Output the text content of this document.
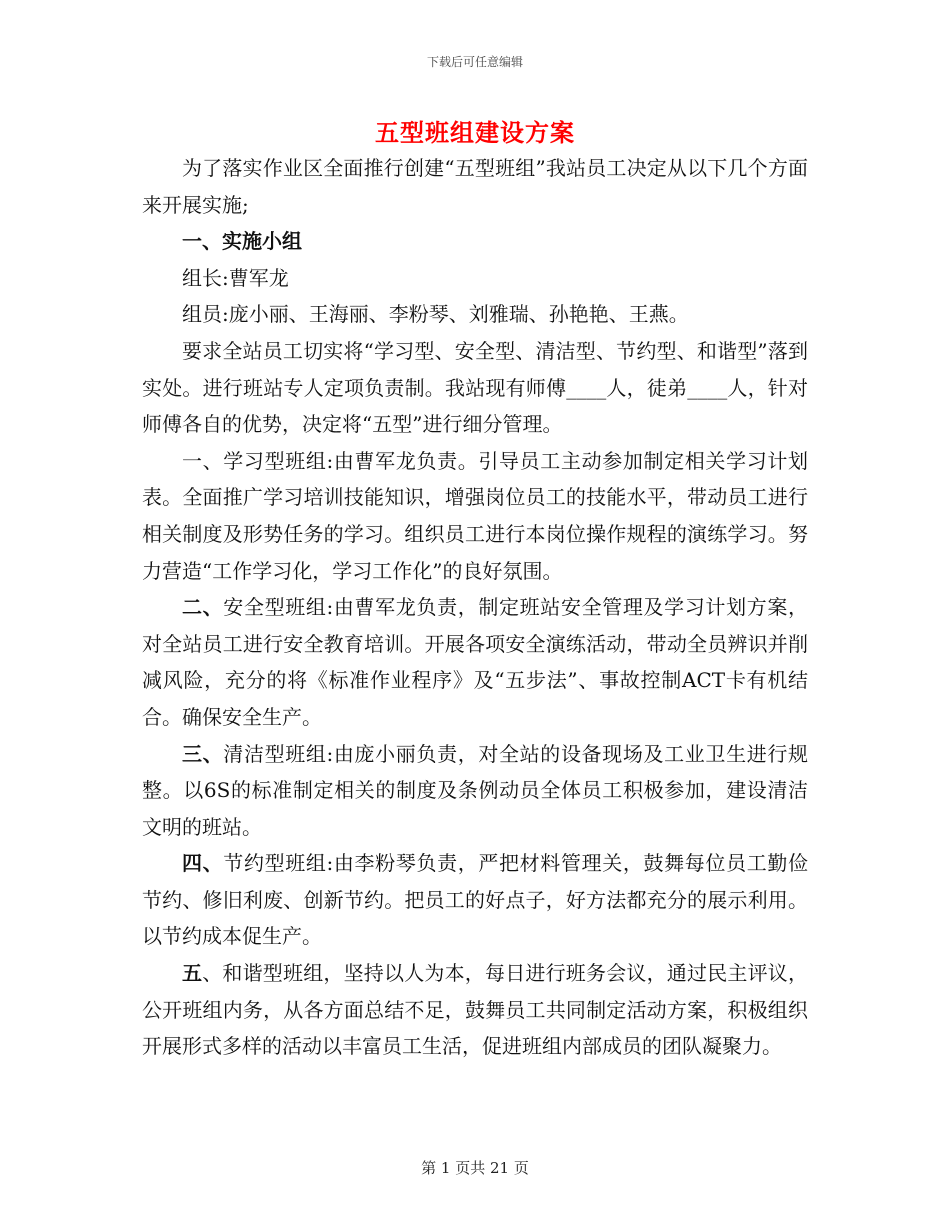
下载后可任意编辑
五型班组建设方案

为了落实作业区全面推行创建“五型班组”我站员工决定从以下几个方面来开展实施;

一、实施小组

组长:曹军龙

组员:庞小丽、王海丽、李粉琴、刘雅瑞、孙艳艳、王燕。

要求全站员工切实将“学习型、安全型、清洁型、节约型、和谐型”落到实处。进行班站专人定项负责制。我站现有师傅____人，徒弟____人，针对师傅各自的优势，决定将“五型”进行细分管理。

一、学习型班组:由曹军龙负责。引导员工主动参加制定相关学习计划表。全面推广学习培训技能知识，增强岗位员工的技能水平，带动员工进行相关制度及形势任务的学习。组织员工进行本岗位操作规程的演练学习。努力营造“工作学习化，学习工作化”的良好氛围。

二、安全型班组:由曹军龙负责，制定班站安全管理及学习计划方案，对全站员工进行安全教育培训。开展各项安全演练活动，带动全员辨识并削减风险，充分的将《标准作业程序》及“五步法”、事故控制ACT卡有机结合。确保安全生产。

三、清洁型班组:由庞小丽负责，对全站的设备现场及工业卫生进行规整。以6S的标准制定相关的制度及条例动员全体员工积极参加，建设清洁文明的班站。

四、节约型班组:由李粉琴负责，严把材料管理关，鼓舞每位员工勤俭节约、修旧利废、创新节约。把员工的好点子，好方法都充分的展示利用。以节约成本促生产。

五、和谐型班组，坚持以人为本，每日进行班务会议，通过民主评议，公开班组内务，从各方面总结不足，鼓舞员工共同制定活动方案，积极组织开展形式多样的活动以丰富员工生活，促进班组内部成员的团队凝聚力。

第 1 页共 21 页
